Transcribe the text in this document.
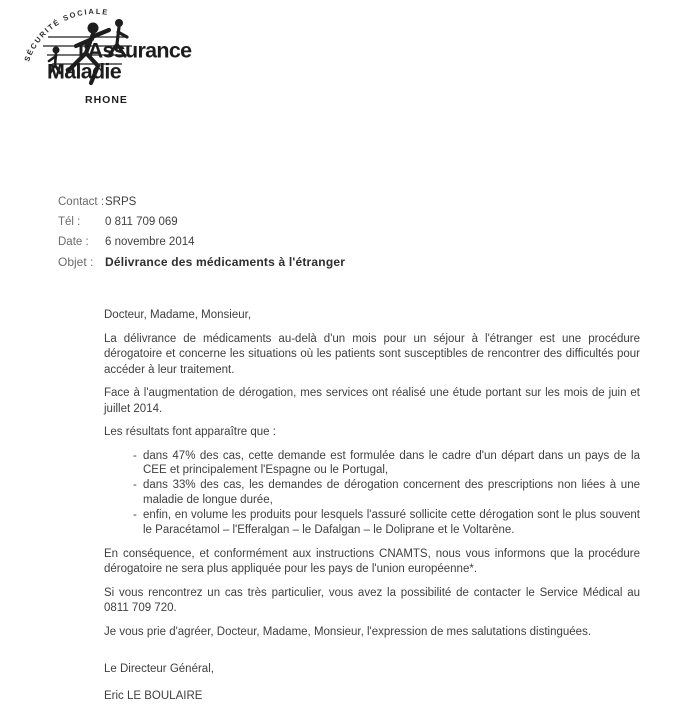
SÉCURITÉ SOCIALE
l'Assurance
Maladie
RHONE
Contact : SRPS
Tél :	0 811 709 069
Date :	6 novembre 2014
Objet : Délivrance des médicaments à l'étranger

Docteur, Madame, Monsieur,

La délivrance de médicaments au-delà d'un mois pour un séjour à l'étranger est une procédure dérogatoire et concerne les situations où les patients sont susceptibles de rencontrer des difficultés pour accéder à leur traitement.

Face à l'augmentation de dérogation, mes services ont réalisé une étude portant sur les mois de juin et juillet 2014.

Les résultats font apparaître que :

- dans 47% des cas, cette demande est formulée dans le cadre d'un départ dans un pays de la CEE et principalement l'Espagne ou le Portugal,
- dans 33% des cas, les demandes de dérogation concernent des prescriptions non liées à une maladie de longue durée,
- enfin, en volume les produits pour lesquels l'assuré sollicite cette dérogation sont le plus souvent le Paracétamol – l'Efferalgan – le Dafalgan – le Doliprane et le Voltarène.

En conséquence, et conformément aux instructions CNAMTS, nous vous informons que la procédure dérogatoire ne sera plus appliquée pour les pays de l'union européenne*.

Si vous rencontrez un cas très particulier, vous avez la possibilité de contacter le Service Médical au 0811 709 720.

Je vous prie d'agréer, Docteur, Madame, Monsieur, l'expression de mes salutations distinguées.

Le Directeur Général,

Eric LE BOULAIRE
